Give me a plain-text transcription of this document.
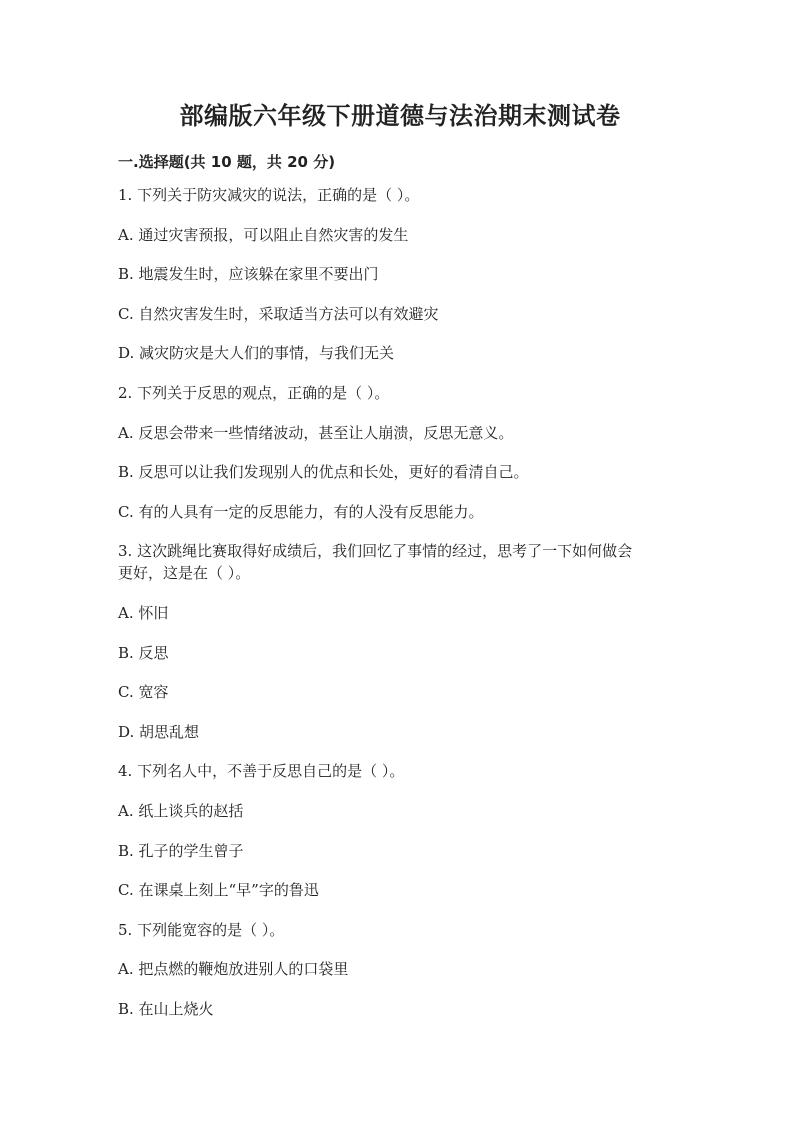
部编版六年级下册道德与法治期末测试卷
一.选择题(共 10 题，共 20 分)

1. 下列关于防灾减灾的说法，正确的是（ ）。

A. 通过灾害预报，可以阻止自然灾害的发生

B. 地震发生时，应该躲在家里不要出门

C. 自然灾害发生时，采取适当方法可以有效避灾

D. 减灾防灾是大人们的事情，与我们无关

2. 下列关于反思的观点，正确的是（ ）。

A. 反思会带来一些情绪波动，甚至让人崩溃，反思无意义。

B. 反思可以让我们发现别人的优点和长处，更好的看清自己。

C. 有的人具有一定的反思能力，有的人没有反思能力。

3. 这次跳绳比赛取得好成绩后，我们回忆了事情的经过，思考了一下如何做会
更好，这是在（ ）。

A. 怀旧

B. 反思

C. 宽容

D. 胡思乱想

4. 下列名人中，不善于反思自己的是（ ）。

A. 纸上谈兵的赵括

B. 孔子的学生曾子

C. 在课桌上刻上“早”字的鲁迅

5. 下列能宽容的是（ ）。

A. 把点燃的鞭炮放进别人的口袋里

B. 在山上烧火
